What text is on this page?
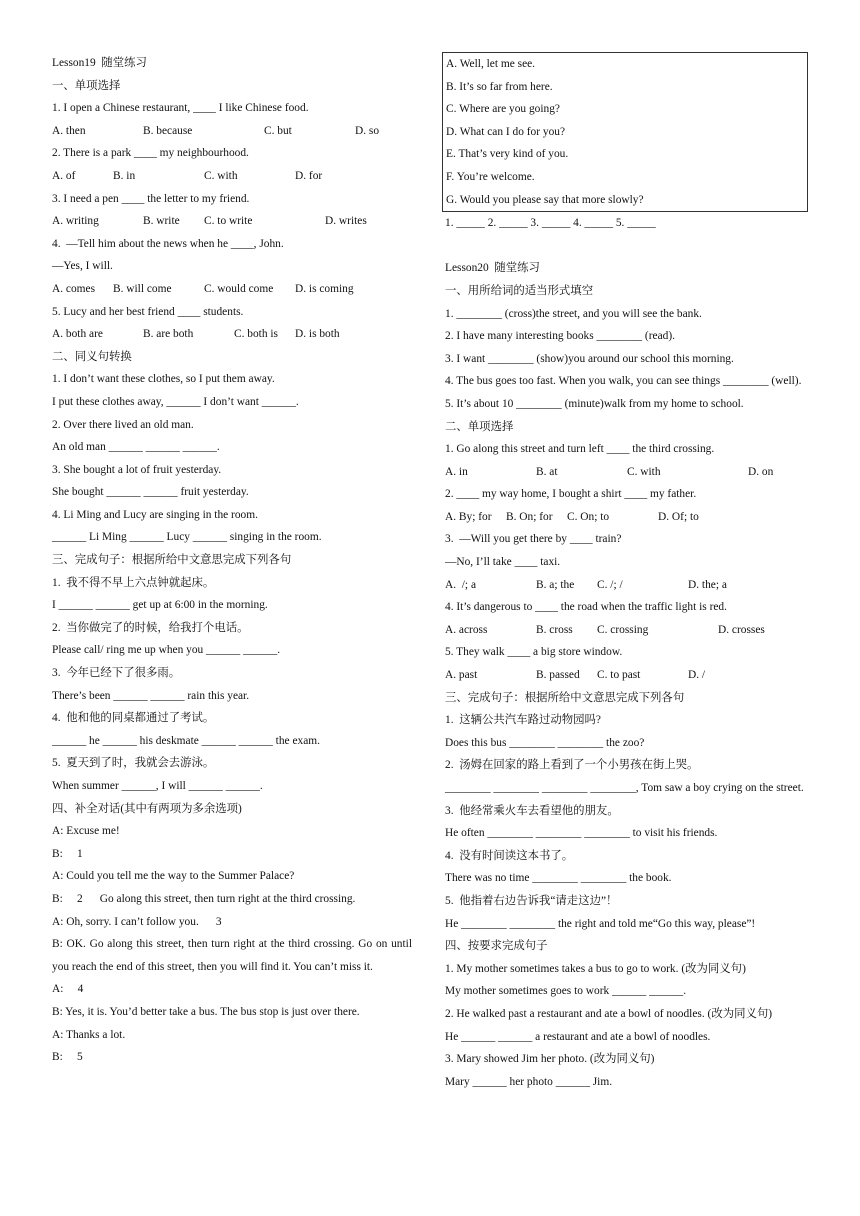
Lesson19  随堂练习
一、单项选择
1. I open a Chinese restaurant, ____ I like Chinese food.
A. then	B. because	C. but	D. so
2. There is a park ____ my neighbourhood.
A. of	B. in	C. with	D. for
3. I need a pen ____ the letter to my friend.
A. writing	B. write	C. to write	D. writes
4.  —Tell him about the news when he ____, John.
—Yes, I will.
A. comes	B. will come	C. would come	D. is coming
5. Lucy and her best friend ____ students.
A. both are	B. are both	C. both is	D. is both
二、同义句转换
1. I don’t want these clothes, so I put them away.
I put these clothes away, ______ I don’t want ______.
2. Over there lived an old man.
An old man ______ ______ ______.
3. She bought a lot of fruit yesterday.
She bought ______ ______ fruit yesterday.
4. Li Ming and Lucy are singing in the room.
______ Li Ming ______ Lucy ______ singing in the room.
三、完成句子：根据所给中文意思完成下列各句
1.  我不得不早上六点钟就起床。
I ______ ______ get up at 6:00 in the morning.
2.  当你做完了的时候，给我打个电话。
Please call/ ring me up when you ______ ______.
3.  今年已经下了很多雨。
There’s been ______ ______ rain this year.
4.  他和他的同桌都通过了考试。
______ he ______ his deskmate ______ ______ the exam.
5.  夏天到了时，我就会去游泳。
When summer ______, I will ______ ______.
四、补全对话(其中有两项为多余选项)
A: Excuse me!
B:     1
A: Could you tell me the way to the Summer Palace?
B:     2      Go along this street, then turn right at the third crossing.
A: Oh, sorry. I can’t follow you.      3
B: OK. Go along this street, then turn right at the third crossing. Go on until you reach the end of this street, then you will find it. You can’t miss it.
A:     4
B: Yes, it is. You’d better take a bus. The bus stop is just over there.
A: Thanks a lot.
B:     5
A. Well, let me see.
B. It’s so far from here.
C. Where are you going?
D. What can I do for you?
E. That’s very kind of you.
F. You’re welcome.
G. Would you please say that more slowly?
1. _____ 2. _____ 3. _____ 4. _____ 5. _____
Lesson20  随堂练习
一、用所给词的适当形式填空
1. ________ (cross)the street, and you will see the bank.
2. I have many interesting books ________ (read).
3. I want ________ (show)you around our school this morning.
4. The bus goes too fast. When you walk, you can see things ________ (well).
5. It’s about 10 ________ (minute)walk from my home to school.
二、单项选择
1. Go along this street and turn left ____ the third crossing.
A. in	B. at	C. with	D. on
2. ____ my way home, I bought a shirt ____ my father.
A. By; for	B. On; for	C. On; to	D. Of; to
3.  —Will you get there by ____ train?
—No, I’ll take ____ taxi.
A.  /; a	B. a; the	C. /; /	D. the; a
4. It’s dangerous to ____ the road when the traffic light is red.
A. across	B. cross	C. crossing	D. crosses
5. They walk ____ a big store window.
A. past	B. passed	C. to past	D. /
三、完成句子：根据所给中文意思完成下列各句
1.  这辆公共汽车路过动物园吗?
Does this bus ________ ________ the zoo?
2.  汤姆在回家的路上看到了一个小男孩在街上哭。
________ ________ ________ ________, Tom saw a boy crying on the street.
3.  他经常乘火车去看望他的朋友。
He often ________ ________ ________ to visit his friends.
4.  没有时间读这本书了。
There was no time ________ ________ the book.
5.  他指着右边告诉我“请走这边”！
He ________ ________ the right and told me“Go this way, please”!
四、按要求完成句子
1. My mother sometimes takes a bus to go to work. (改为同义句)
My mother sometimes goes to work ______ ______.
2. He walked past a restaurant and ate a bowl of noodles. (改为同义句)
He ______ ______ a restaurant and ate a bowl of noodles.
3. Mary showed Jim her photo. (改为同义句)
Mary ______ her photo ______ Jim.
